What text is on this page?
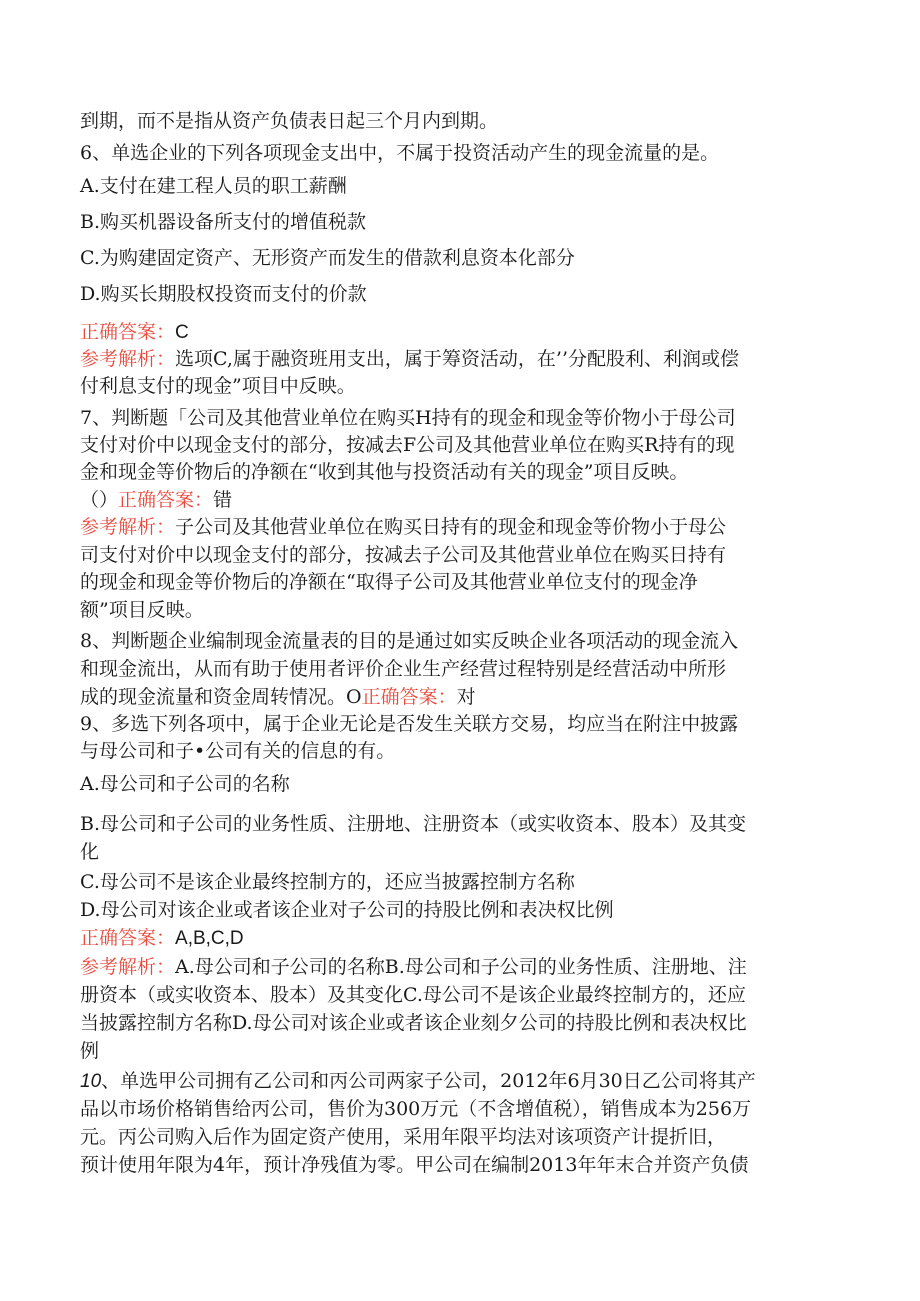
到期，而不是指从资产负债表日起三个月内到期。
6、单选企业的下列各项现金支出中，不属于投资活动产生的现金流量的是。
A.支付在建工程人员的职工薪酬
B.购买机器设备所支付的增值税款
C.为购建固定资产、无形资产而发生的借款利息资本化部分
D.购买长期股权投资而支付的价款
正确答案：C
参考解析：选项C,属于融资班用支出，属于筹资活动，在’’分配股利、利润或偿
付利息支付的现金”项目中反映。
7、判断题「公司及其他营业单位在购买H持有的现金和现金等价物小于母公司
支付对价中以现金支付的部分，按减去F公司及其他营业单位在购买R持有的现
金和现金等价物后的净额在“收到其他与投资活动有关的现金”项目反映。
（）正确答案：错
参考解析：子公司及其他营业单位在购买日持有的现金和现金等价物小于母公
司支付对价中以现金支付的部分，按减去子公司及其他营业单位在购买日持有
的现金和现金等价物后的净额在“取得子公司及其他营业单位支付的现金净
额”项目反映。
8、判断题企业编制现金流量表的目的是通过如实反映企业各项活动的现金流入
和现金流出，从而有助于使用者评价企业生产经营过程特别是经营活动中所形
成的现金流量和资金周转情况。O正确答案：对
9、多选下列各项中，属于企业无论是否发生关联方交易，均应当在附注中披露
与母公司和子•公司有关的信息的有。
A.母公司和子公司的名称
B.母公司和子公司的业务性质、注册地、注册资本（或实收资本、股本）及其变
化
C.母公司不是该企业最终控制方的，还应当披露控制方名称
D.母公司对该企业或者该企业对子公司的持股比例和表决权比例
正确答案：A,B,C,D
参考解析：A.母公司和子公司的名称B.母公司和子公司的业务性质、注册地、注
册资本（或实收资本、股本）及其变化C.母公司不是该企业最终控制方的，还应
当披露控制方名称D.母公司对该企业或者该企业刻夕公司的持股比例和表决权比
例
10、单选甲公司拥有乙公司和丙公司两家子公司，2012年6月30日乙公司将其产
品以市场价格销售给丙公司，售价为300万元（不含增值税），销售成本为256万
元。丙公司购入后作为固定资产使用，采用年限平均法对该项资产计提折旧，
预计使用年限为4年，预计净残值为零。甲公司在编制2013年年末合并资产负债
